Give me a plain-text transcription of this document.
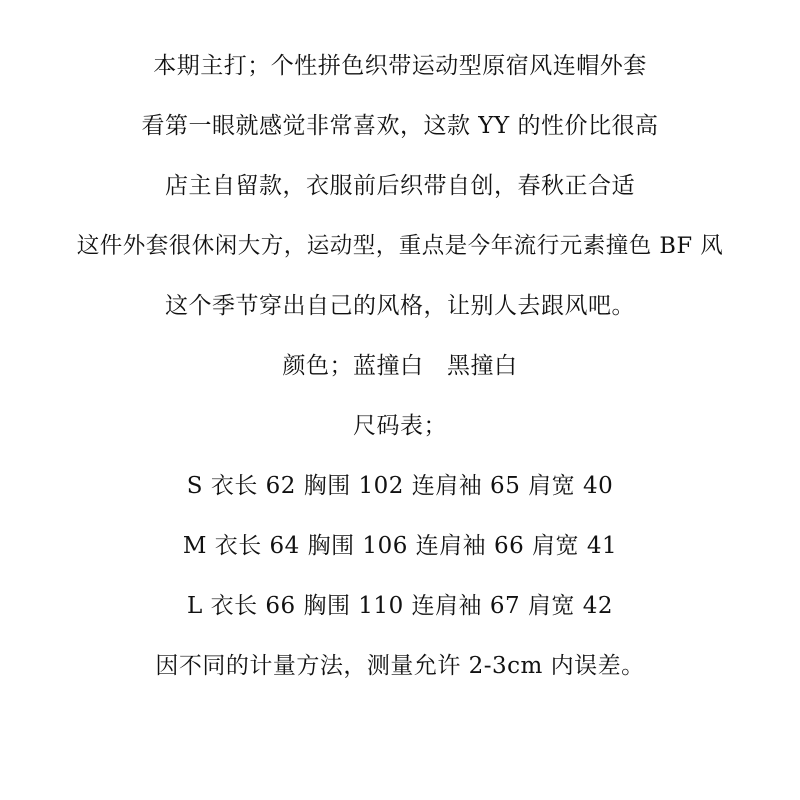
本期主打；个性拼色织带运动型原宿风连帽外套
看第一眼就感觉非常喜欢，这款 YY 的性价比很高
店主自留款，衣服前后织带自创，春秋正合适
这件外套很休闲大方，运动型，重点是今年流行元素撞色 BF 风
这个季节穿出自己的风格，让别人去跟风吧。
颜色；蓝撞白   黑撞白
尺码表；
S 衣长 62 胸围 102 连肩袖 65 肩宽 40
M 衣长 64 胸围 106 连肩袖 66 肩宽 41
L 衣长 66 胸围 110 连肩袖 67 肩宽 42
因不同的计量方法，测量允许 2-3cm 内误差。
